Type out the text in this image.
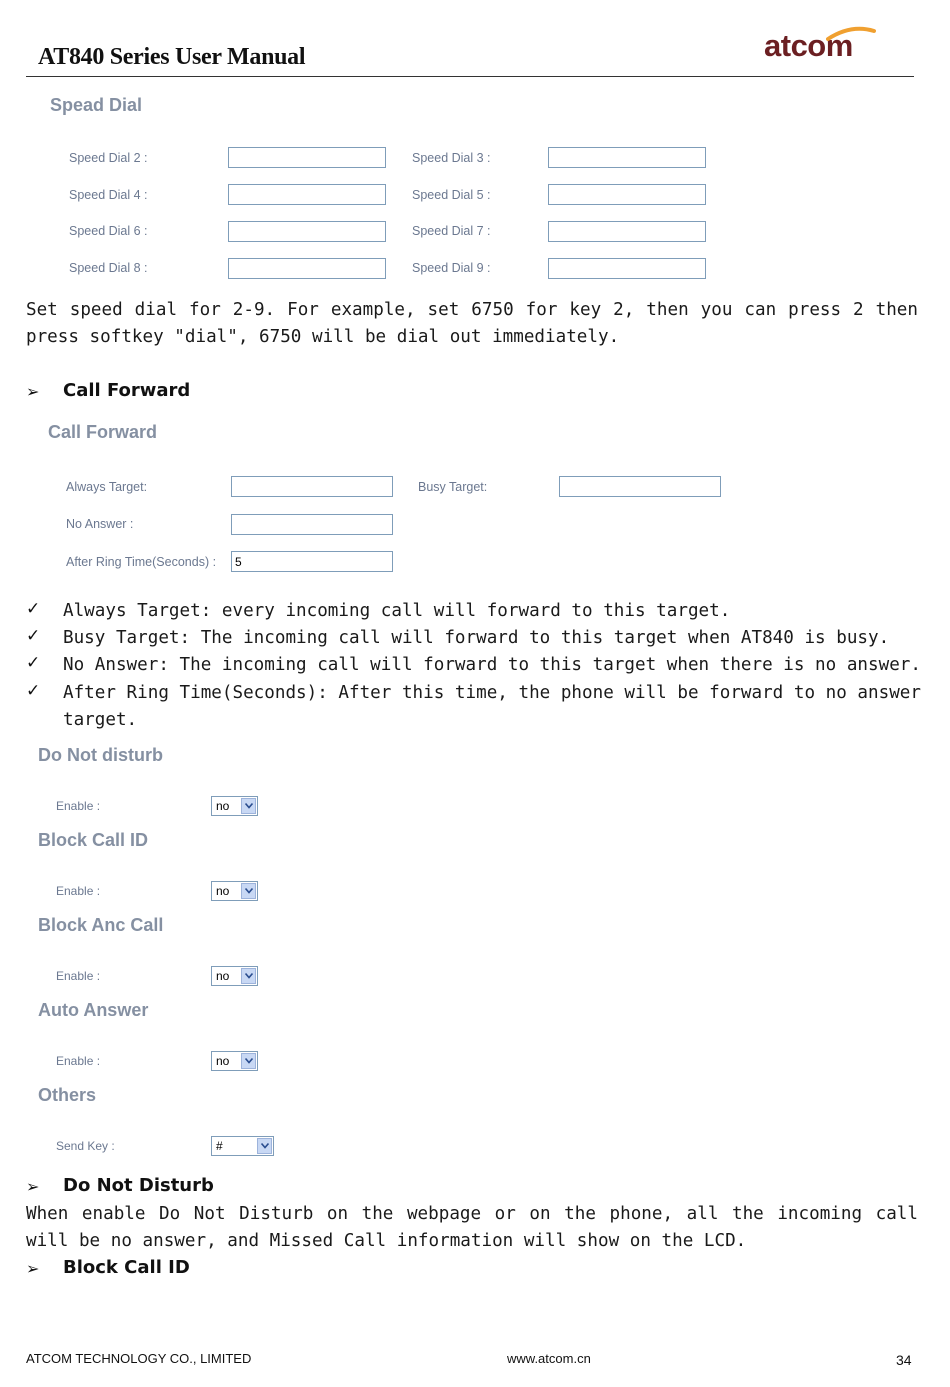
AT840 Series User Manual	atcom
Spead Dial
Speed Dial 2 :	Speed Dial 3 :
Speed Dial 4 :	Speed Dial 5 :
Speed Dial 6 :	Speed Dial 7 :
Speed Dial 8 :	Speed Dial 9 :
Set speed dial for 2-9. For example, set 6750 for key 2, then you can press 2 then press softkey "dial", 6750 will be dial out immediately.
➢ Call Forward
Call Forward
Always Target:	Busy Target:
No Answer :
After Ring Time(Seconds) :
5
✓ Always Target: every incoming call will forward to this target.
✓ Busy Target: The incoming call will forward to this target when AT840 is busy.
✓ No Answer: The incoming call will forward to this target when there is no answer.
✓ After Ring Time(Seconds): After this time, the phone will be forward to no answer target.
Do Not disturb
Enable :	no
Block Call ID
Enable :	no
Block Anc Call
Enable :	no
Auto Answer
Enable :	no
Others
Send Key :	#
➢ Do Not Disturb
When enable Do Not Disturb on the webpage or on the phone, all the incoming call will be no answer, and Missed Call information will show on the LCD.
➢ Block Call ID
ATCOM TECHNOLOGY CO., LIMITED	www.atcom.cn	34
